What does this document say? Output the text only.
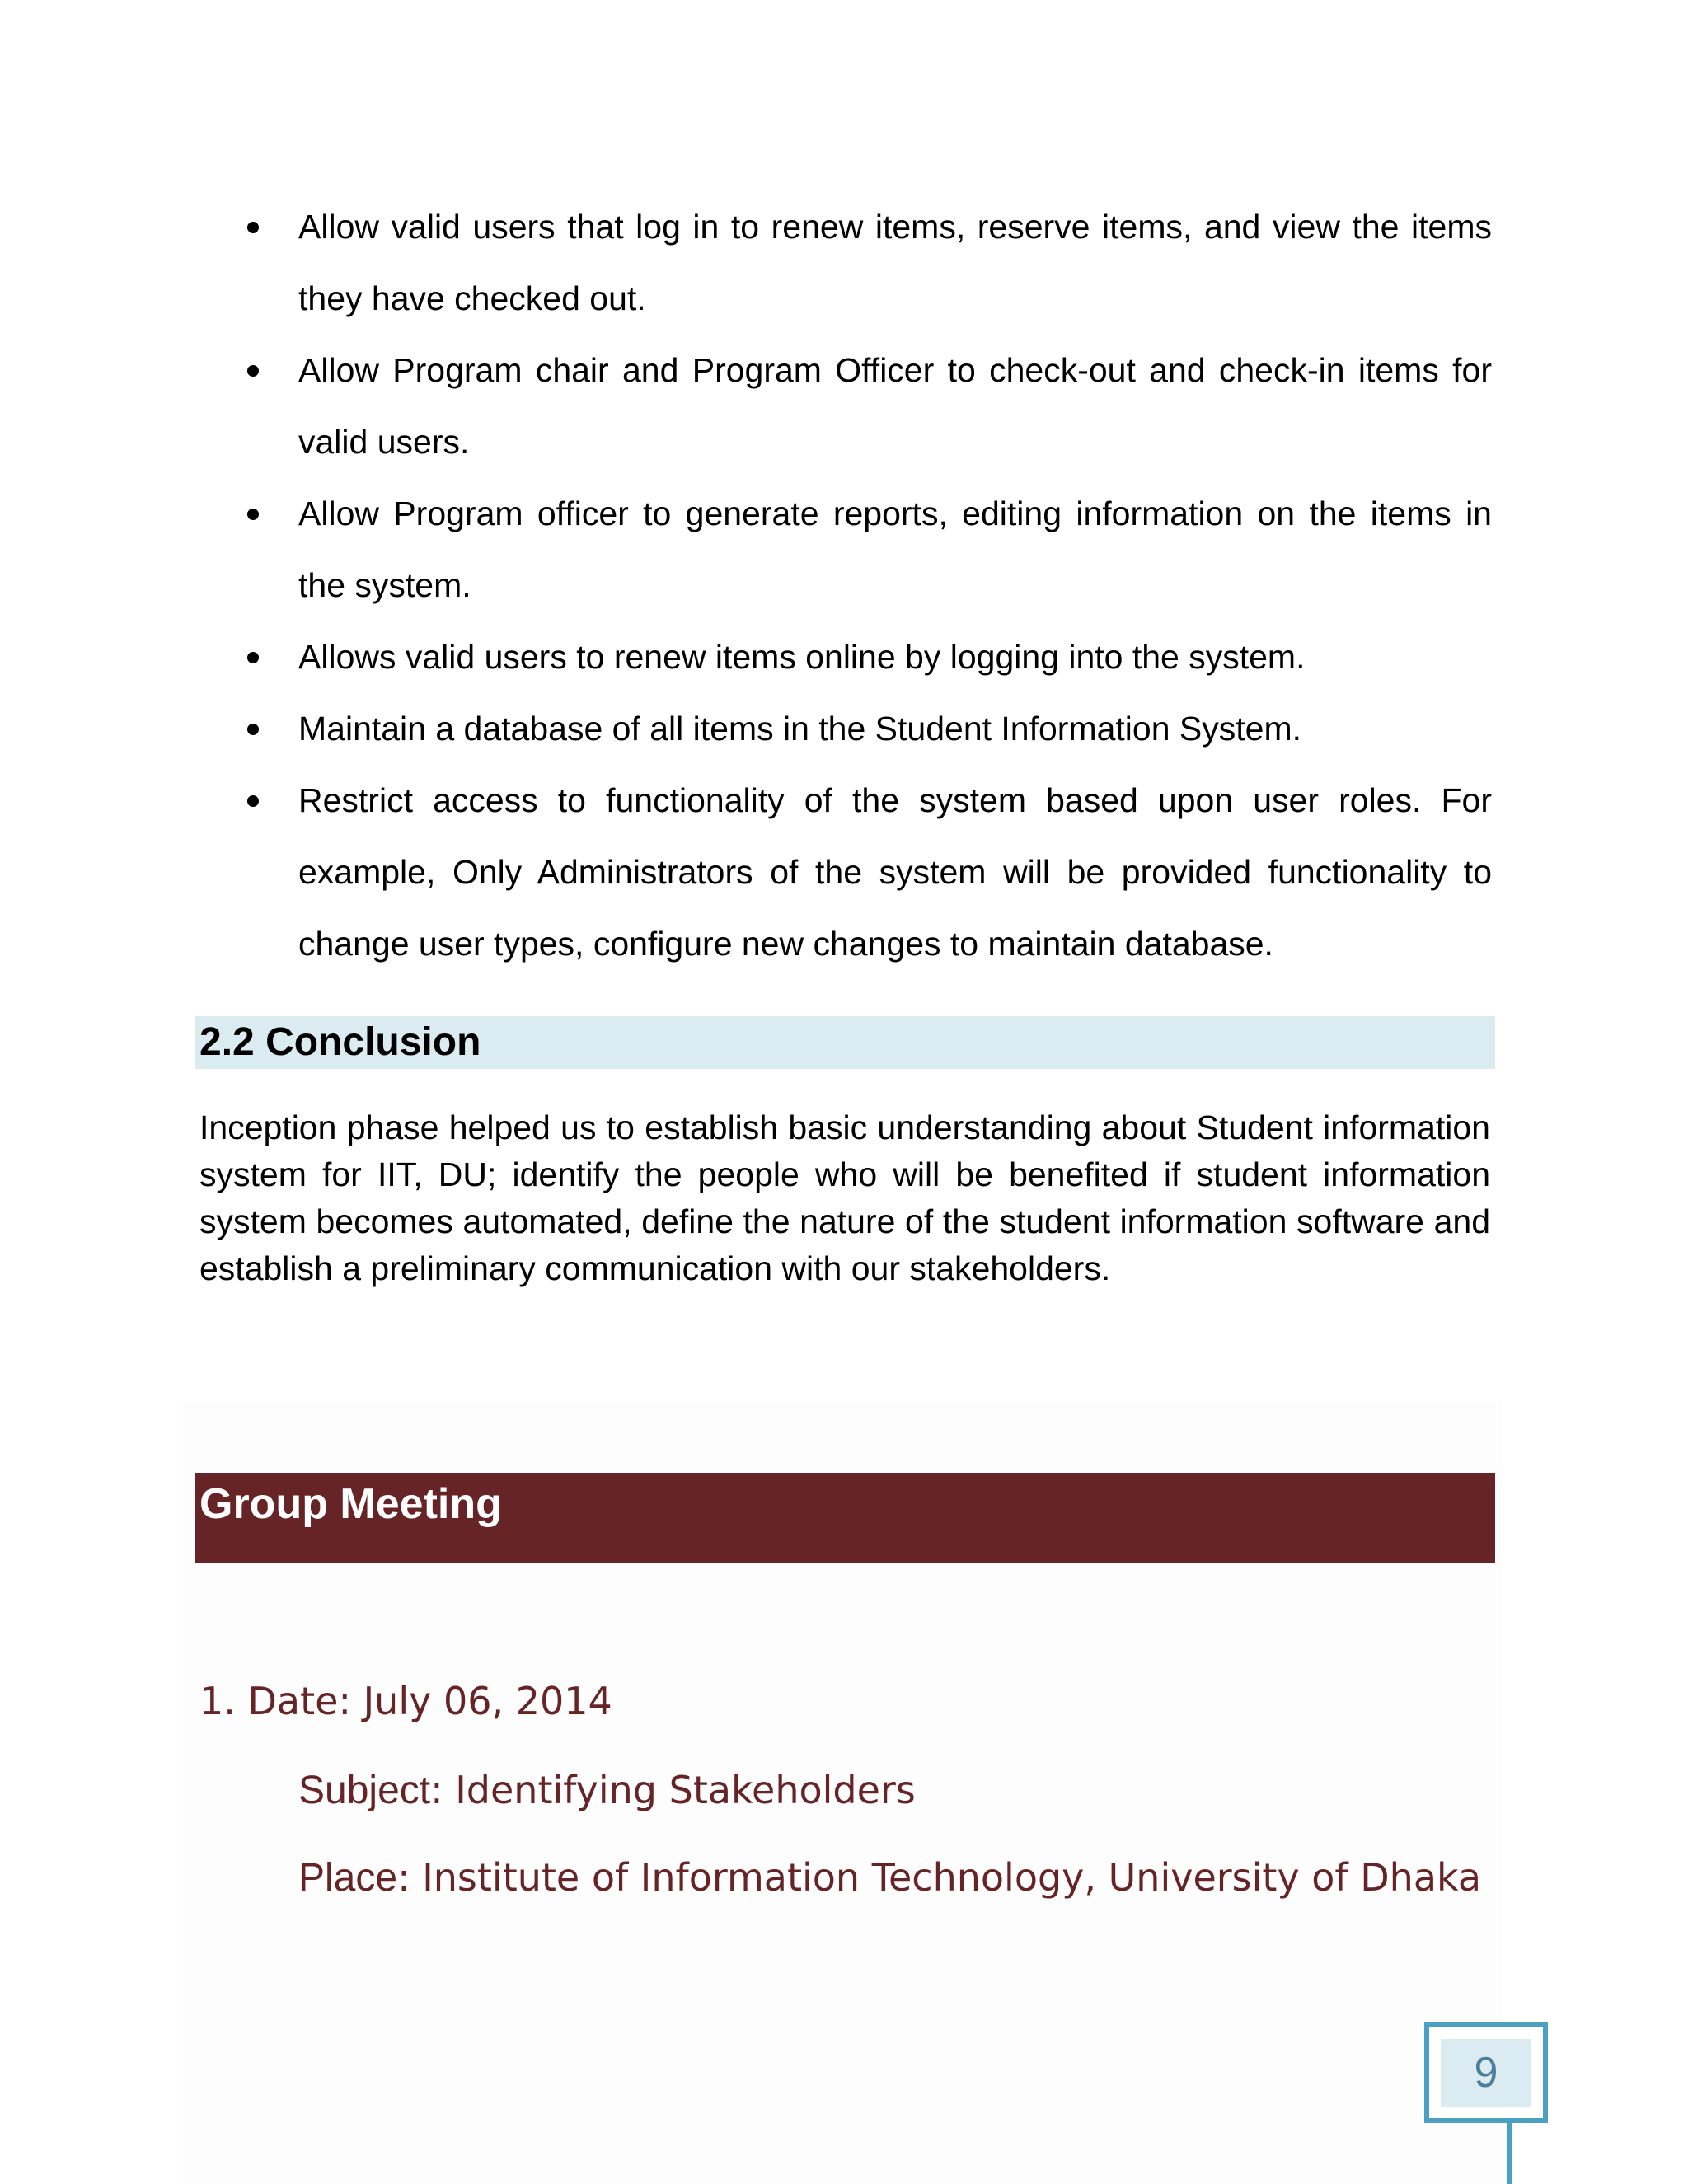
Allow valid users that log in to renew items, reserve items, and view the items they have checked out.
Allow Program chair and Program Officer to check-out and check-in items for valid users.
Allow Program officer to generate reports, editing information on the items in the system.
Allows valid users to renew items online by logging into the system.
Maintain a database of all items in the Student Information System.
Restrict access to functionality of the system based upon user roles. For example, Only Administrators of the system will be provided functionality to change user types, configure new changes to maintain database.
2.2 Conclusion

Inception phase helped us to establish basic understanding about Student information system for IIT, DU; identify the people who will be benefited if student information system becomes automated, define the nature of the student information software and establish a preliminary communication with our stakeholders.

Group Meeting
1. Date: July 06, 2014
Subject: Identifying Stakeholders
Place: Institute of Information Technology, University of Dhaka
9
